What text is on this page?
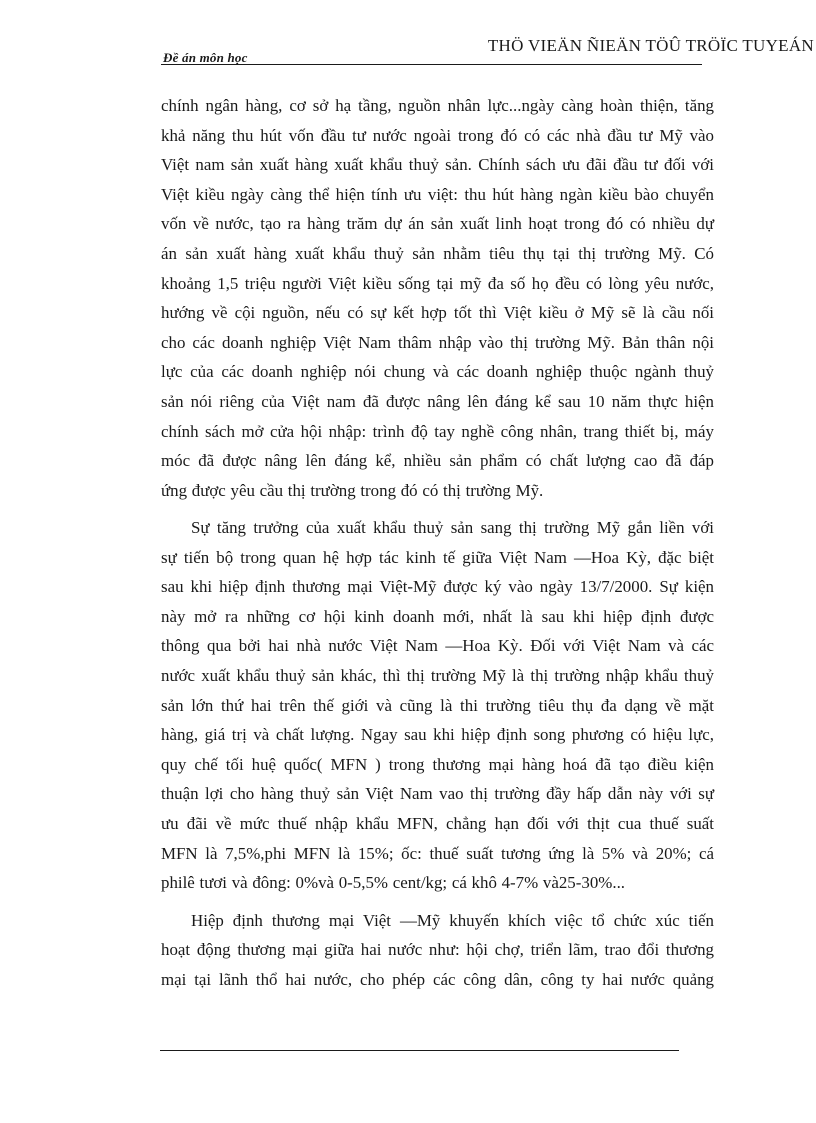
Đề án môn học
THÖ VIEÄN ÑIEÄN TÖÛ TRÖÏC TUYEÁN
chính ngân hàng, cơ sở hạ tầng, nguồn nhân lực...ngày càng hoàn thiện, tăng
khả năng thu hút vốn đầu tư nước ngoài trong đó có các nhà đầu tư Mỹ vào
Việt nam sản xuất hàng xuất khẩu thuỷ sản. Chính sách ưu đãi đầu tư đối với
Việt kiều ngày càng thể hiện tính ưu việt: thu hút hàng ngàn kiều bào chuyển
vốn về nước, tạo ra hàng trăm dự án sản xuất linh hoạt trong đó có nhiều dự
án sản xuất hàng xuất khẩu thuỷ sản nhằm tiêu thụ tại thị trường Mỹ. Có
khoảng 1,5 triệu người Việt kiều sống tại mỹ đa số họ đều có lòng yêu nước,
hướng về cội nguồn, nếu có sự kết hợp tốt thì Việt kiều ở Mỹ sẽ là cầu nối
cho các doanh nghiệp Việt Nam thâm nhập vào thị trường Mỹ. Bản thân nội
lực của các doanh nghiệp nói chung và các doanh nghiệp thuộc ngành thuỷ
sản nói riêng của Việt nam đã được nâng lên đáng kể sau 10 năm thực hiện
chính sách mở cửa hội nhập: trình độ tay nghề công nhân, trang thiết bị, máy
móc đã được nâng lên đáng kể, nhiều sản phẩm có chất lượng cao đã đáp
ứng được yêu cầu thị trường trong đó có thị trường Mỹ.
Sự tăng trưởng của xuất khẩu thuỷ sản sang thị trường Mỹ gắn liền với
sự tiến bộ trong quan hệ hợp tác kinh tế giữa Việt Nam —Hoa Kỳ, đặc biệt
sau khi hiệp định thương mại Việt-Mỹ được ký vào ngày 13/7/2000. Sự kiện
này mở ra những cơ hội kinh doanh mới, nhất là sau khi hiệp định được
thông qua bởi hai nhà nước Việt Nam —Hoa Kỳ. Đối với Việt Nam và các
nước xuất khẩu thuỷ sản khác, thì thị trường Mỹ là thị trường nhập khẩu thuỷ
sản lớn thứ hai trên thế giới và cũng là thi trường tiêu thụ đa dạng về mặt
hàng, giá trị và chất lượng. Ngay sau khi hiệp định song phương có hiệu lực,
quy chế tối huệ quốc( MFN ) trong thương mại hàng hoá đã tạo điều kiện
thuận lợi cho hàng thuỷ sản Việt Nam vao thị trường đầy hấp dẫn này với sự
ưu đãi về mức thuế nhập khẩu MFN, chẳng hạn đối với thịt cua thuế suất
MFN là 7,5%,phi MFN là 15%; ốc: thuế suất tương ứng là 5% và 20%; cá
philê tươi và đông: 0%và 0-5,5% cent/kg; cá khô 4-7% và25-30%...
Hiệp định thương mại Việt —Mỹ khuyến khích việc tổ chức xúc tiến
hoạt động thương mại giữa hai nước như: hội chợ, triển lãm, trao đổi thương
mại tại lãnh thổ hai nước, cho phép các công dân, công ty hai nước quảng
